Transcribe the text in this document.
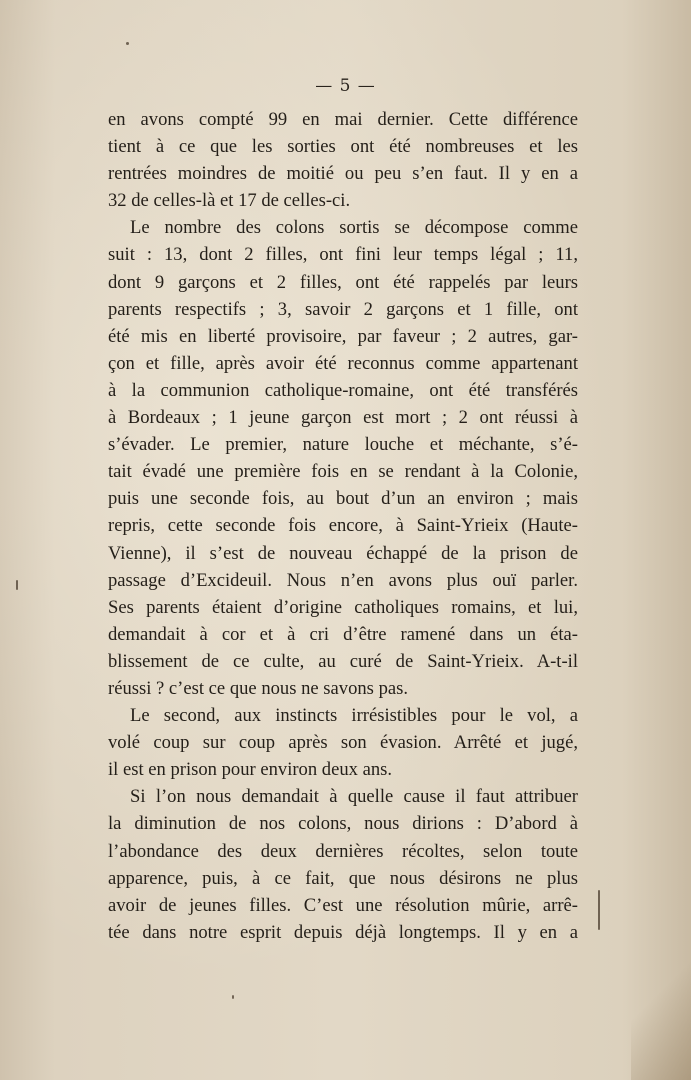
— 5 —
en avons compté 99 en mai dernier. Cette différence
tient à ce que les sorties ont été nombreuses et les
rentrées moindres de moitié ou peu s’en faut. Il y en a
32 de celles-là et 17 de celles-ci.
Le nombre des colons sortis se décompose comme
suit : 13, dont 2 filles, ont fini leur temps légal ; 11,
dont 9 garçons et 2 filles, ont été rappelés par leurs
parents respectifs ; 3, savoir 2 garçons et 1 fille, ont
été mis en liberté provisoire, par faveur ; 2 autres, gar-
çon et fille, après avoir été reconnus comme appartenant
à la communion catholique-romaine, ont été transférés
à Bordeaux ; 1 jeune garçon est mort ; 2 ont réussi à
s’évader. Le premier, nature louche et méchante, s’é-
tait évadé une première fois en se rendant à la Colonie,
puis une seconde fois, au bout d’un an environ ; mais
repris, cette seconde fois encore, à Saint-Yrieix (Haute-
Vienne), il s’est de nouveau échappé de la prison de
passage d’Excideuil. Nous n’en avons plus ouï parler.
Ses parents étaient d’origine catholiques romains, et lui,
demandait à cor et à cri d’être ramené dans un éta-
blissement de ce culte, au curé de Saint-Yrieix. A-t-il
réussi ? c’est ce que nous ne savons pas.
Le second, aux instincts irrésistibles pour le vol, a
volé coup sur coup après son évasion. Arrêté et jugé,
il est en prison pour environ deux ans.
Si l’on nous demandait à quelle cause il faut attribuer
la diminution de nos colons, nous dirions : D’abord à
l’abondance des deux dernières récoltes, selon toute
apparence, puis, à ce fait, que nous désirons ne plus
avoir de jeunes filles. C’est une résolution mûrie, arrê-
tée dans notre esprit depuis déjà longtemps. Il y en a
